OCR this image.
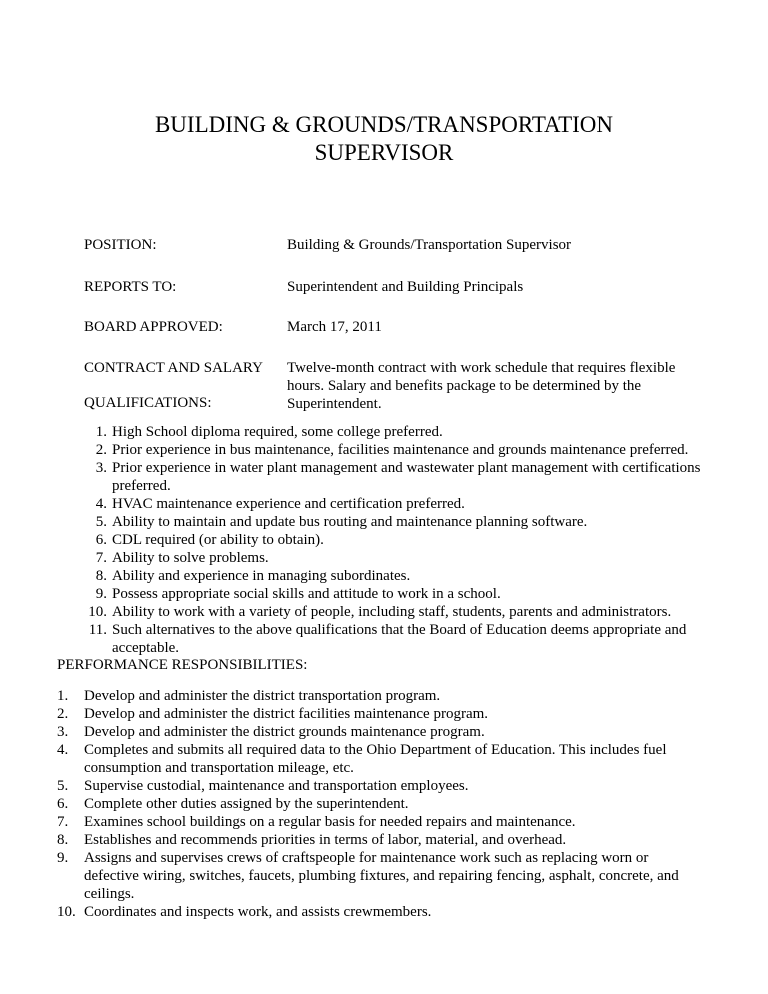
BUILDING & GROUNDS/TRANSPORTATION
SUPERVISOR
POSITION:	Building & Grounds/Transportation Supervisor
REPORTS TO:	Superintendent and Building Principals
BOARD APPROVED:	March 17, 2011
CONTRACT AND SALARY Twelve-month contract with work schedule that requires flexible hours. Salary and benefits package to be determined by the Superintendent.
QUALIFICATIONS:
1. High School diploma required, some college preferred.
2. Prior experience in bus maintenance, facilities maintenance and grounds maintenance preferred.
3. Prior experience in water plant management and wastewater plant management with certifications preferred.
4. HVAC maintenance experience and certification preferred.
5. Ability to maintain and update bus routing and maintenance planning software.
6. CDL required (or ability to obtain).
7. Ability to solve problems.
8. Ability and experience in managing subordinates.
9. Possess appropriate social skills and attitude to work in a school.
10. Ability to work with a variety of people, including staff, students, parents and administrators.
11. Such alternatives to the above qualifications that the Board of Education deems appropriate and acceptable.
PERFORMANCE RESPONSIBILITIES:
1. Develop and administer the district transportation program.
2. Develop and administer the district facilities maintenance program.
3. Develop and administer the district grounds maintenance program.
4. Completes and submits all required data to the Ohio Department of Education. This includes fuel consumption and transportation mileage, etc.
5. Supervise custodial, maintenance and transportation employees.
6. Complete other duties assigned by the superintendent.
7. Examines school buildings on a regular basis for needed repairs and maintenance.
8. Establishes and recommends priorities in terms of labor, material, and overhead.
9. Assigns and supervises crews of craftspeople for maintenance work such as replacing worn or defective wiring, switches, faucets, plumbing fixtures, and repairing fencing, asphalt, concrete, and ceilings.
10. Coordinates and inspects work, and assists crewmembers.
